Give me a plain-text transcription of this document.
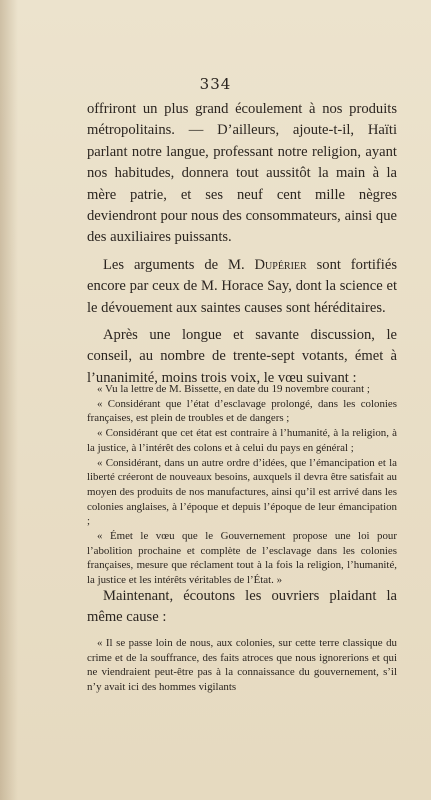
334

offriront un plus grand écoulement à nos produits métropolitains. — D’ailleurs, ajoute-t-il, Haïti parlant notre langue, professant notre religion, ayant nos habitudes, donnera tout aussitôt la main à la mère patrie, et ses neuf cent mille nègres deviendront pour nous des consommateurs, ainsi que des auxiliaires puissants.

Les arguments de M. Dupérier sont fortifiés encore par ceux de M. Horace Say, dont la science et le dévouement aux saintes causes sont héréditaires.

Après une longue et savante discussion, le conseil, au nombre de trente-sept votants, émet à l’unanimité, moins trois voix, le vœu suivant :

« Vu la lettre de M. Bissette, en date du 19 novembre courant ;

« Considérant que l’état d’esclavage prolongé, dans les colonies françaises, est plein de troubles et de dangers ;

« Considérant que cet état est contraire à l’humanité, à la religion, à la justice, à l’intérêt des colons et à celui du pays en général ;

« Considérant, dans un autre ordre d’idées, que l’émancipation et la liberté créeront de nouveaux besoins, auxquels il devra être satisfait au moyen des produits de nos manufactures, ainsi qu’il est arrivé dans les colonies anglaises, à l’époque et depuis l’époque de leur émancipation ;

« Émet le vœu que le Gouvernement propose une loi pour l’abolition prochaine et complète de l’esclavage dans les colonies françaises, mesure que réclament tout à la fois la religion, l’humanité, la justice et les intérêts véritables de l’État. »

Maintenant, écoutons les ouvriers plaidant la même cause :

« Il se passe loin de nous, aux colonies, sur cette terre classique du crime et de la souffrance, des faits atroces que nous ignorerions et qui ne viendraient peut-être pas à la connaissance du gouvernement, s’il n’y avait ici des hommes vigilants
